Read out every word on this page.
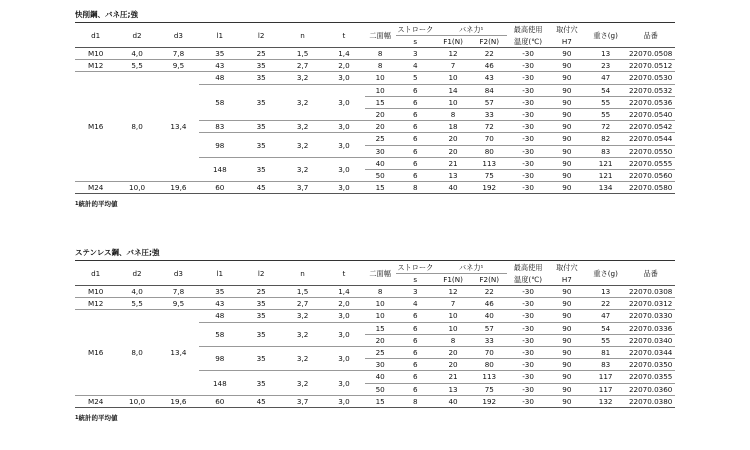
快削鋼、バネ圧;強
d1	d2	d3	l1	l2	n	t	二面幅	ストローク	バネ力¹		最高使用	取付穴	重さ(g)	品番
								s	F1(N)	F2(N)	温度(℃)	H7		
M10	4,0	7,8	35	25	1,5	1,4	8	3	12	22	-30	90	13	22070.0508
M12	5,5	9,5	43	35	2,7	2,0	8	4	7	46	-30	90	23	22070.0512
M16	8,0	13,4	48	35	3,2	3,0	10	5	10	43	-30	90	47	22070.0530
			58	35	3,2	3,0	10	6	14	84	-30	90	54	22070.0532
							15	6	10	57	-30	90	55	22070.0536
							20	6	8	33	-30	90	55	22070.0540
			83	35	3,2	3,0	20	6	18	72	-30	90	72	22070.0542
			98	35	3,2	3,0	25	6	20	70	-30	90	82	22070.0544
							30	6	20	80	-30	90	83	22070.0550
			148	35	3,2	3,0	40	6	21	113	-30	90	121	22070.0555
							50	6	13	75	-30	90	121	22070.0560
M24	10,0	19,6	60	45	3,7	3,0	15	8	40	192	-30	90	134	22070.0580
$^1$統計的平均値
ステンレス鋼、バネ圧;強
d1	d2	d3	l1	l2	n	t	二面幅	ストローク	バネ力¹		最高使用	取付穴	重さ(g)	品番
								s	F1(N)	F2(N)	温度(℃)	H7		
M10	4,0	7,8	35	25	1,5	1,4	8	3	12	22	-30	90	13	22070.0308
M12	5,5	9,5	43	35	2,7	2,0	10	4	7	46	-30	90	22	22070.0312
M16	8,0	13,4	48	35	3,2	3,0	10	6	10	40	-30	90	47	22070.0330
			58	35	3,2	3,0	15	6	10	57	-30	90	54	22070.0336
							20	6	8	33	-30	90	55	22070.0340
			98	35	3,2	3,0	25	6	20	70	-30	90	81	22070.0344
							30	6	20	80	-30	90	83	22070.0350
			148	35	3,2	3,0	40	6	21	113	-30	90	117	22070.0355
							50	6	13	75	-30	90	117	22070.0360
M24	10,0	19,6	60	45	3,7	3,0	15	8	40	192	-30	90	132	22070.0380
$^1$統計的平均値
